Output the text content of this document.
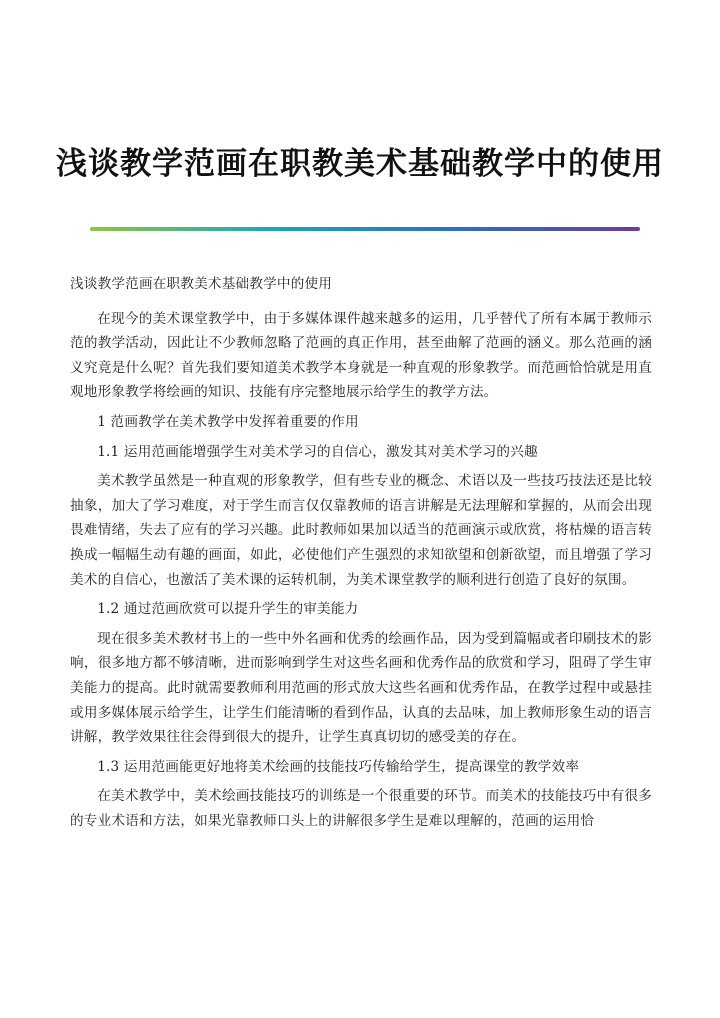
浅谈教学范画在职教美术基础教学中的使用

浅谈教学范画在职教美术基础教学中的使用

在现今的美术课堂教学中，由于多媒体课件越来越多的运用，几乎替代了所有本属于教师示范的教学活动，因此让不少教师忽略了范画的真正作用，甚至曲解了范画的涵义。那么范画的涵义究竟是什么呢？首先我们要知道美术教学本身就是一种直观的形象教学。而范画恰恰就是用直观地形象教学将绘画的知识、技能有序完整地展示给学生的教学方法。

1 范画教学在美术教学中发挥着重要的作用

1.1 运用范画能增强学生对美术学习的自信心，激发其对美术学习的兴趣

美术教学虽然是一种直观的形象教学，但有些专业的概念、术语以及一些技巧技法还是比较抽象，加大了学习难度，对于学生而言仅仅靠教师的语言讲解是无法理解和掌握的，从而会出现畏难情绪，失去了应有的学习兴趣。此时教师如果加以适当的范画演示或欣赏，将枯燥的语言转换成一幅幅生动有趣的画面，如此，必使他们产生强烈的求知欲望和创新欲望，而且增强了学习美术的自信心，也激活了美术课的运转机制，为美术课堂教学的顺利进行创造了良好的氛围。

1.2 通过范画欣赏可以提升学生的审美能力

现在很多美术教材书上的一些中外名画和优秀的绘画作品，因为受到篇幅或者印刷技术的影响，很多地方都不够清晰，进而影响到学生对这些名画和优秀作品的欣赏和学习，阻碍了学生审美能力的提高。此时就需要教师利用范画的形式放大这些名画和优秀作品，在教学过程中或悬挂或用多媒体展示给学生，让学生们能清晰的看到作品，认真的去品味，加上教师形象生动的语言讲解，教学效果往往会得到很大的提升，让学生真真切切的感受美的存在。

1.3 运用范画能更好地将美术绘画的技能技巧传输给学生，提高课堂的教学效率

在美术教学中，美术绘画技能技巧的训练是一个很重要的环节。而美术的技能技巧中有很多的专业术语和方法，如果光靠教师口头上的讲解很多学生是难以理解的，范画的运用恰
